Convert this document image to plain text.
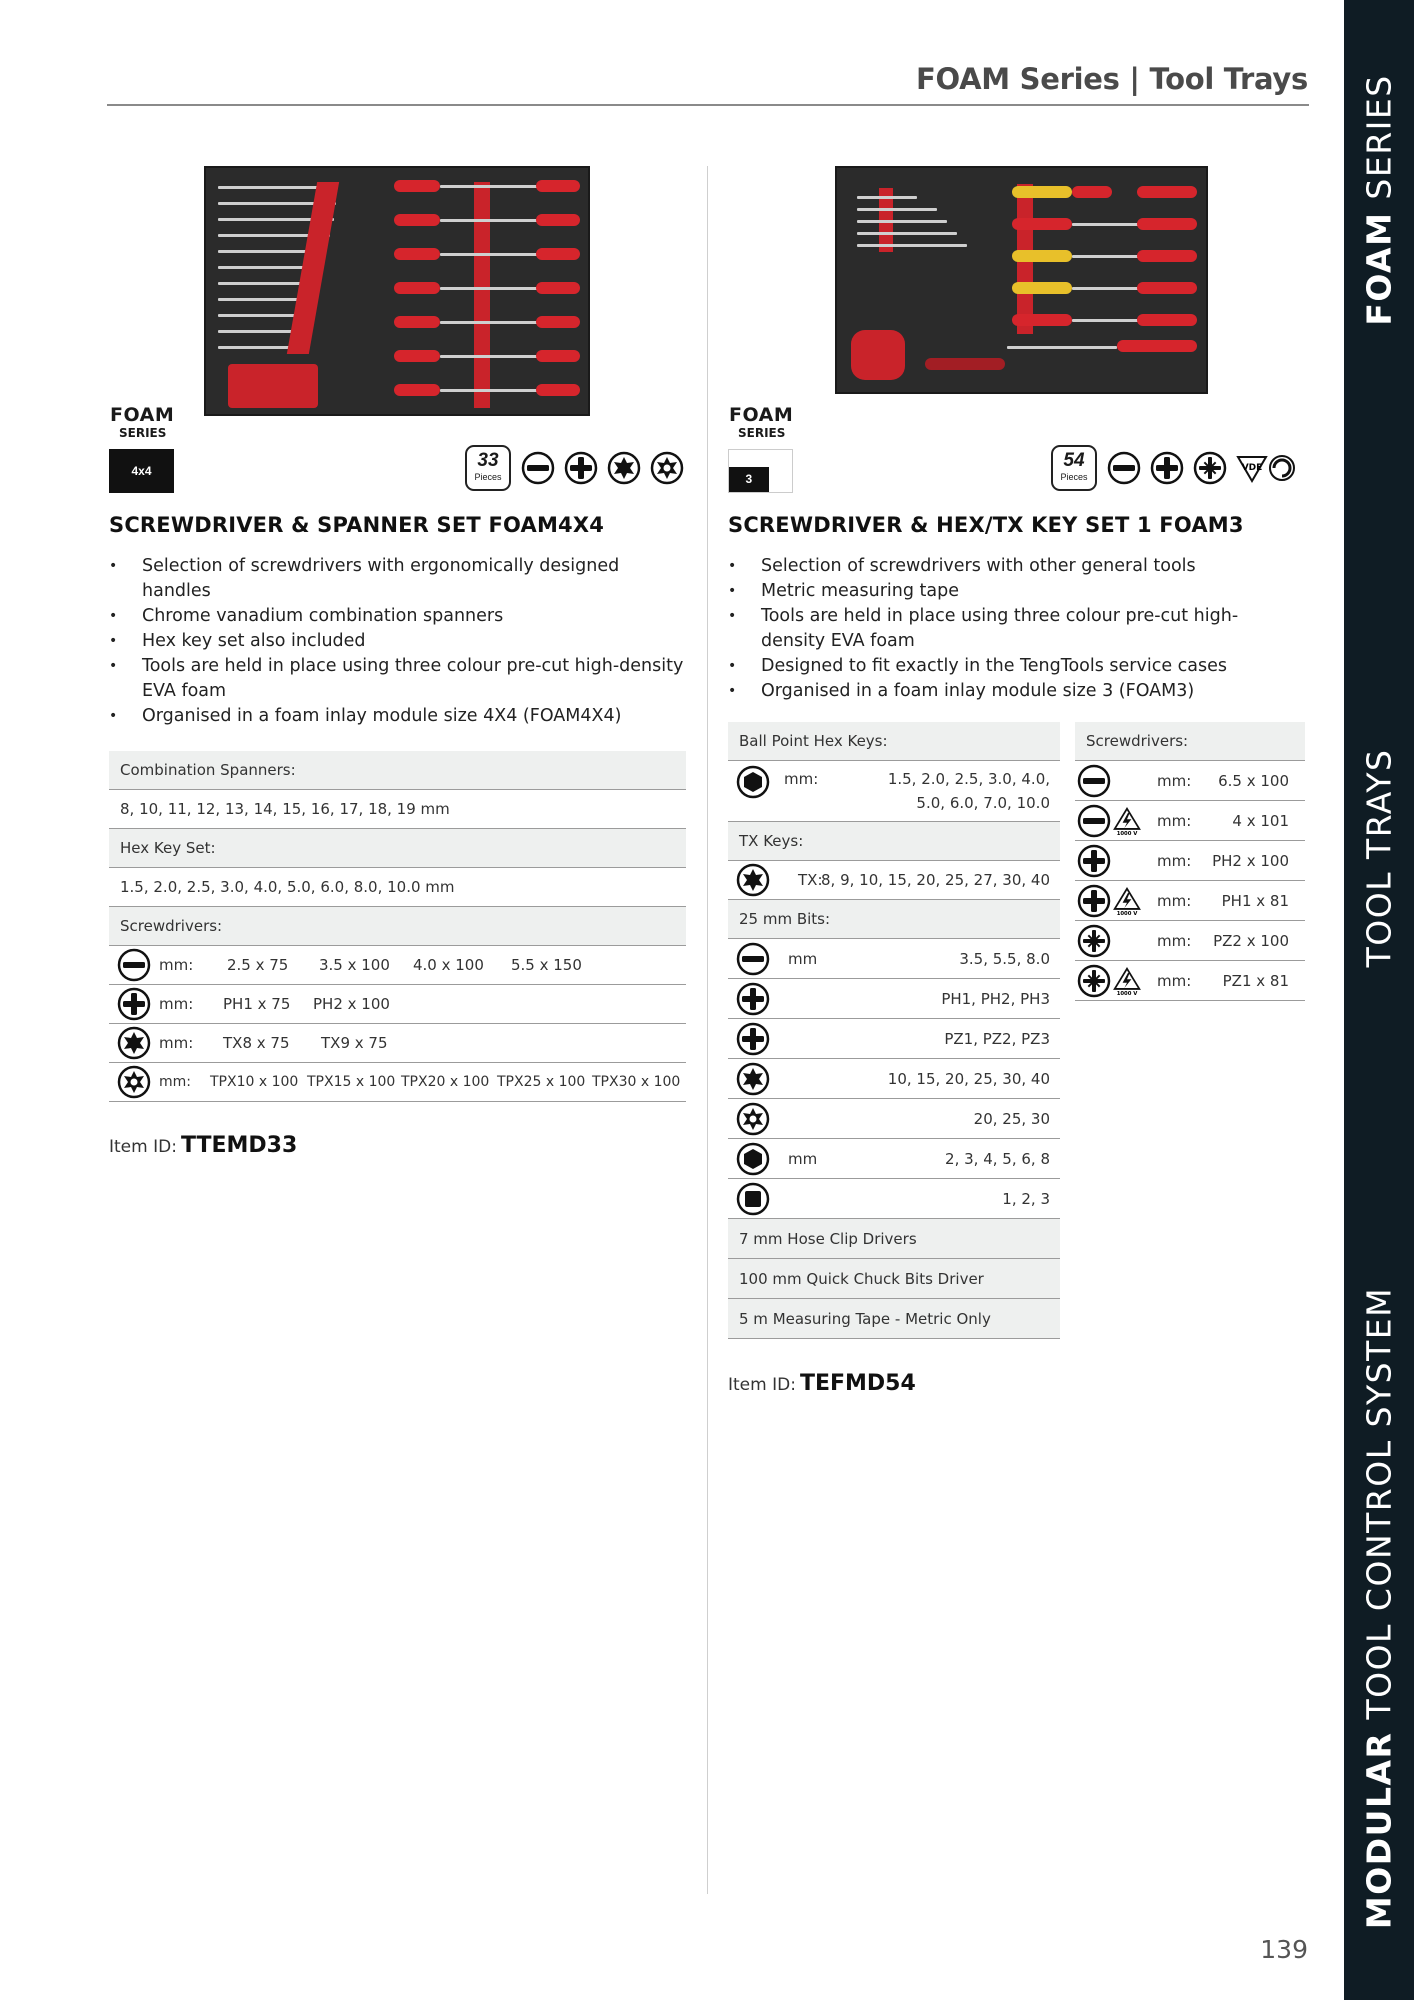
FOAM SERIES
TOOL TRAYS
MODULAR TOOL CONTROL SYSTEM
FOAM Series | Tool Trays
FOAM
SERIES
4x4	33
Pieces
SCREWDRIVER & SPANNER SET FOAM4X4
• Selection of screwdrivers with ergonomically designed handles
• Chrome vanadium combination spanners
• Hex key set also included
• Tools are held in place using three colour pre-cut high-density EVA foam
• Organised in a foam inlay module size 4X4 (FOAM4X4)
Combination Spanners:
8, 10, 11, 12, 13, 14, 15, 16, 17, 18, 19 mm
Hex Key Set:
1.5, 2.0, 2.5, 3.0, 4.0, 5.0, 6.0, 8.0, 10.0 mm
Screwdrivers:
mm: 2.5 x 75 3.5 x 100 4.0 x 100 5.5 x 150
mm: PH1 x 75 PH2 x 100
mm: TX8 x 75 TX9 x 75
mm: TPX10 x 100 TPX15 x 100 TPX20 x 100 TPX25 x 100 TPX30 x 100
Item ID: TTEMD33
FOAM
SERIES
3
54
Pieces
VDE
SCREWDRIVER & HEX/TX KEY SET 1 FOAM3
• Selection of screwdrivers with other general tools
• Metric measuring tape
• Tools are held in place using three colour pre-cut high-density EVA foam
• Designed to fit exactly in the TengTools service cases
• Organised in a foam inlay module size 3 (FOAM3)
Ball Point Hex Keys:
mm:	1.5, 2.0, 2.5, 3.0, 4.0,
5.0, 6.0, 7.0, 10.0
TX Keys:
TX:
8, 9, 10, 15, 20, 25, 27, 30, 40
25 mm Bits:
mm	3.5, 5.5, 8.0
PH1, PH2, PH3
PZ1, PZ2, PZ3
10, 15, 20, 25, 30, 40
20, 25, 30
mm	2, 3, 4, 5, 6, 8
1, 2, 3
7 mm Hose Clip Drivers
100 mm Quick Chuck Bits Driver
5 m Measuring Tape - Metric Only
Screwdrivers:
mm: 6.5 x 100
1000 V
mm:	4 x 101
mm: PH2 x 100
1000 V
mm: PH1 x 81
mm: PZ2 x 100
1000 V
mm: PZ1 x 81
Item ID: TEFMD54
139
